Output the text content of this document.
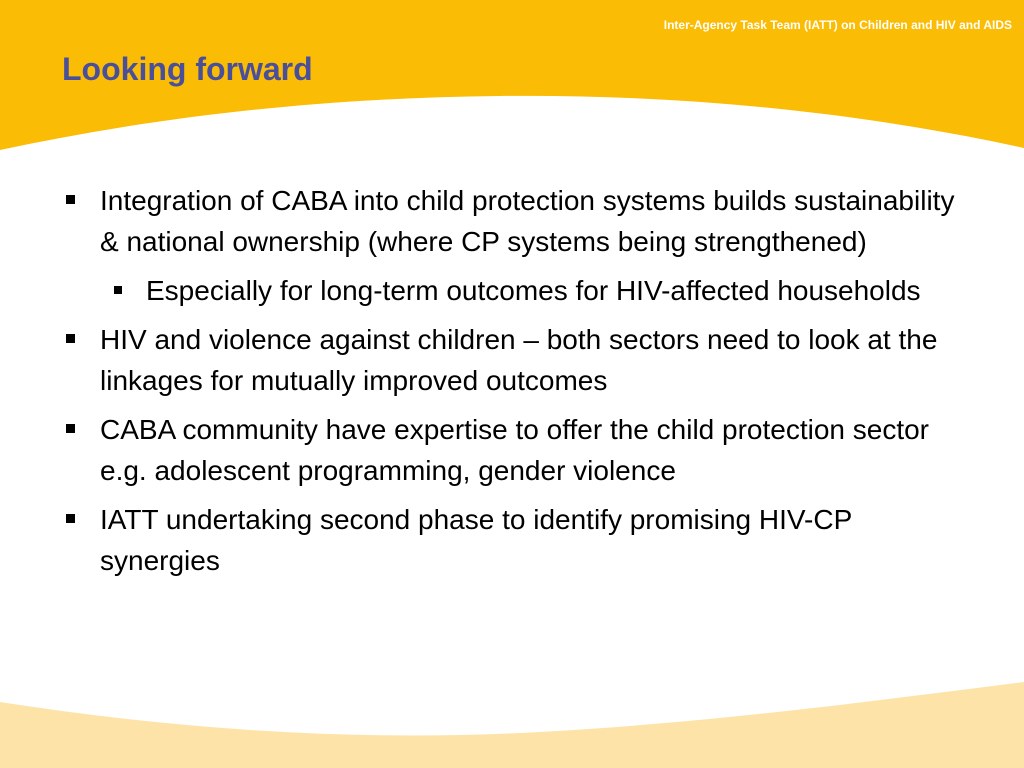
Inter-Agency Task Team (IATT) on Children and HIV and AIDS
Looking forward
Integration of CABA into child protection systems builds sustainability & national ownership (where CP systems being strengthened)
Especially for long-term outcomes for HIV-affected households
HIV and violence against children – both sectors need to look at the linkages for mutually improved outcomes
CABA community have expertise to offer the child protection sector e.g. adolescent programming, gender violence
IATT undertaking second phase to identify promising HIV-CP synergies
